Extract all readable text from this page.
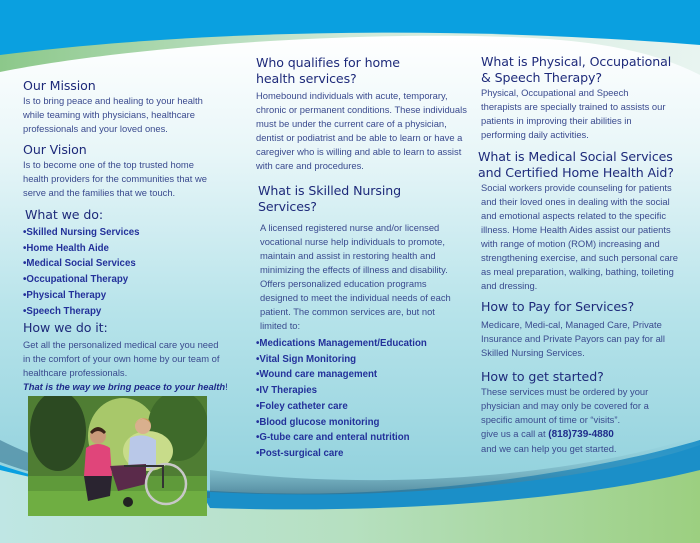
Our Mission

Is to bring peace and healing to your health while teaming with physicians, healthcare professionals and your loved ones.

Our Vision

Is to become one of the top trusted home health providers for the communities that we serve and the families that we touch.

What we do:
• Skilled Nursing Services
• Home Health Aide
• Medical Social Services
• Occupational Therapy
• Physical Therapy
• Speech Therapy
How we do it:

Get all the personalized medical care you need in the comfort of your own home by our team of healthcare professionals.

That is the way we bring peace to your health!

Who qualifies for home health services?

Homebound individuals with acute, temporary, chronic or permanent conditions. These individuals must be under the current care of a physician, dentist or podiatrist and be able to learn or have a caregiver who is willing and able to learn to assist with care and procedures.

What is Skilled Nursing Services?

A licensed registered nurse and/or licensed vocational nurse help individuals to promote, maintain and assist in restoring health and minimizing the effects of illness and disability. Offers personalized education programs designed to meet the individual needs of each patient. The common services are, but not limited to:

• Medications Management/Education
• Vital Sign Monitoring
• Wound care management
• IV Therapies
• Foley catheter care
• Blood glucose monitoring
• G-tube care and enteral nutrition
• Post-surgical care
What is Physical, Occupational & Speech Therapy?

Physical, Occupational and Speech therapists are specially trained to assists our patients in improving their abilities in performing daily activities.

What is Medical Social Services and Certified Home Health Aid?

Social workers provide counseling for patients and their loved ones in dealing with the social and emotional aspects related to the specific illness. Home Health Aides assist our patients with range of motion (ROM) increasing and strengthening exercise, and such personal care as meal preparation, walking, bathing, toileting and dressing.

How to Pay for Services?

Medicare, Medi-cal, Managed Care, Private Insurance and Private Payors can pay for all Skilled Nursing Services.

How to get started?

These services must be ordered by your physician and may only be covered for a specific amount of time or “visits”.

give us a call at (818)739-4880

and we can help you get started.
